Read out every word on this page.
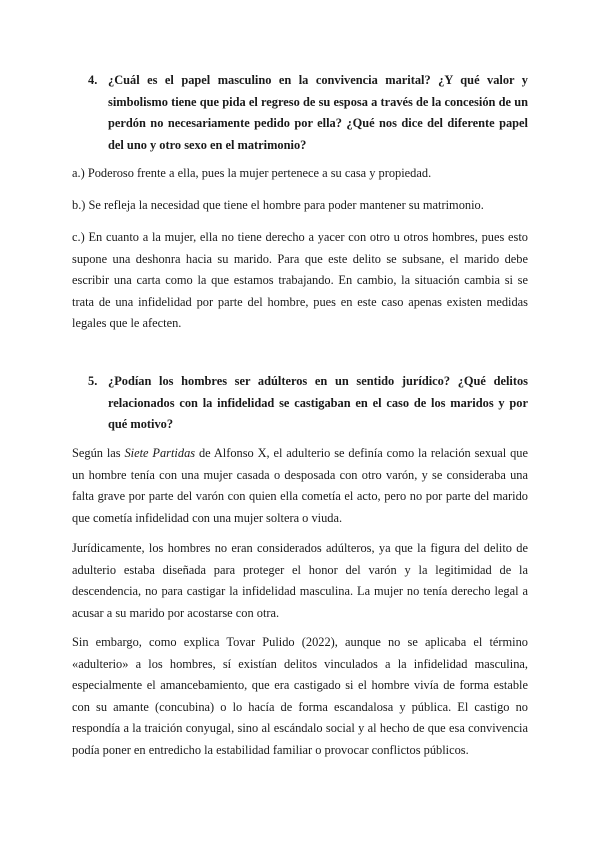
4. ¿Cuál es el papel masculino en la convivencia marital? ¿Y qué valor y simbolismo tiene que pida el regreso de su esposa a través de la concesión de un perdón no necesariamente pedido por ella? ¿Qué nos dice del diferente papel del uno y otro sexo en el matrimonio?

a.) Poderoso frente a ella, pues la mujer pertenece a su casa y propiedad.

b.) Se refleja la necesidad que tiene el hombre para poder mantener su matrimonio.

c.) En cuanto a la mujer, ella no tiene derecho a yacer con otro u otros hombres, pues esto supone una deshonra hacia su marido. Para que este delito se subsane, el marido debe escribir una carta como la que estamos trabajando. En cambio, la situación cambia si se trata de una infidelidad por parte del hombre, pues en este caso apenas existen medidas legales que le afecten.

5. ¿Podían los hombres ser adúlteros en un sentido jurídico? ¿Qué delitos relacionados con la infidelidad se castigaban en el caso de los maridos y por qué motivo?

Según las Siete Partidas de Alfonso X, el adulterio se definía como la relación sexual que un hombre tenía con una mujer casada o desposada con otro varón, y se consideraba una falta grave por parte del varón con quien ella cometía el acto, pero no por parte del marido que cometía infidelidad con una mujer soltera o viuda.

Jurídicamente, los hombres no eran considerados adúlteros, ya que la figura del delito de adulterio estaba diseñada para proteger el honor del varón y la legitimidad de la descendencia, no para castigar la infidelidad masculina. La mujer no tenía derecho legal a acusar a su marido por acostarse con otra.

Sin embargo, como explica Tovar Pulido (2022), aunque no se aplicaba el término «adulterio» a los hombres, sí existían delitos vinculados a la infidelidad masculina, especialmente el amancebamiento, que era castigado si el hombre vivía de forma estable con su amante (concubina) o lo hacía de forma escandalosa y pública. El castigo no respondía a la traición conyugal, sino al escándalo social y al hecho de que esa convivencia podía poner en entredicho la estabilidad familiar o provocar conflictos públicos.
